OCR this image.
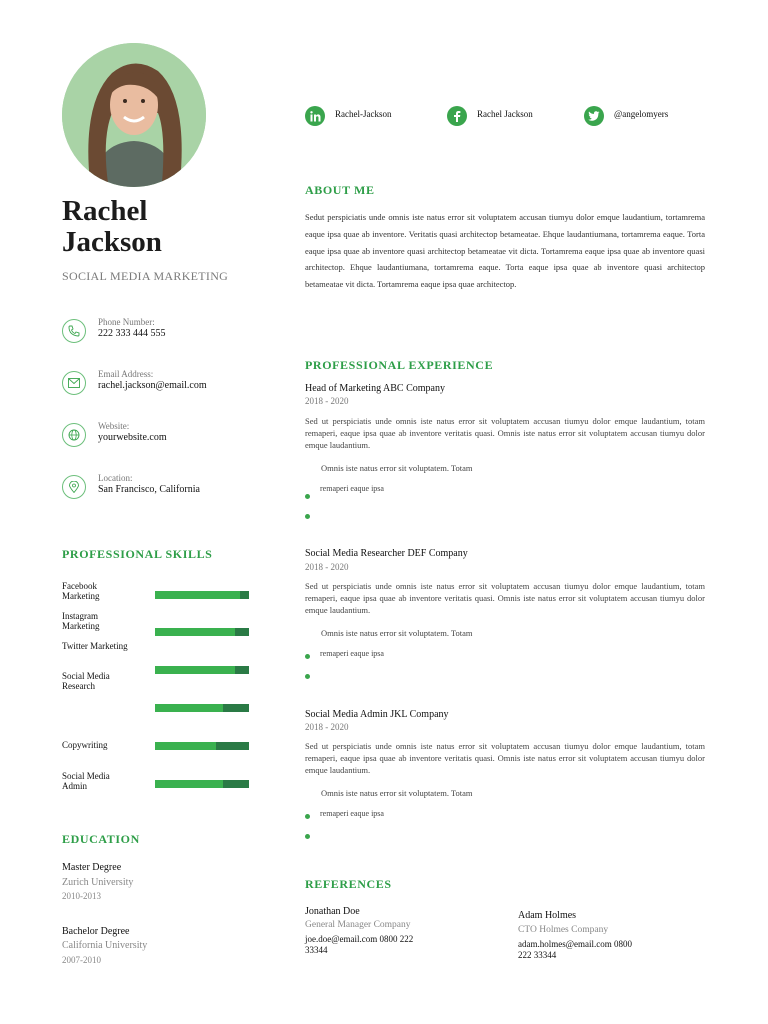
Rachel
Jackson
SOCIAL MEDIA MARKETING
Phone Number:
222 333 444 555
Email Address:
rachel.jackson@email.com
Website:
yourwebsite.com
Location:
San Francisco, California
PROFESSIONAL SKILLS
Facebook Marketing
Instagram Marketing
Twitter Marketing
Social Media Research
Copywriting
Social Media Admin
EDUCATION
Master Degree
Zurich University
2010-2013
Bachelor Degree
California University
2007-2010
Rachel-Jackson	Rachel Jackson	@angelomyers
ABOUT ME
Sedut perspiciatis unde omnis iste natus error sit voluptatem accusan tiumyu dolor emque laudantium, tortamrema eaque ipsa quae ab inventore. Veritatis quasi architectop betameatae. Ehque laudantiumana, tortamrema eaque. Torta eaque ipsa quae ab inventore quasi architectop betameatae vit dicta. Tortamrema eaque ipsa quae ab inventore quasi architectop. Ehque laudantiumana, tortamrema eaque. Torta eaque ipsa quae ab inventore quasi architectop betameatae vit dicta. Tortamrema eaque ipsa quae architectop.
PROFESSIONAL EXPERIENCE
Head of Marketing ABC Company
2018 - 2020
Sed ut perspiciatis unde omnis iste natus error sit voluptatem accusan tiumyu dolor emque laudantium, totam remaperi, eaque ipsa quae ab inventore veritatis quasi. Omnis iste natus error sit voluptatem accusan tiumyu dolor emque laudantium.
Omnis iste natus error sit voluptatem. Totam
remaperi eaque ipsa
Social Media Researcher DEF Company
2018 - 2020
Sed ut perspiciatis unde omnis iste natus error sit voluptatem accusan tiumyu dolor emque laudantium, totam remaperi, eaque ipsa quae ab inventore veritatis quasi. Omnis iste natus error sit voluptatem accusan tiumyu dolor emque laudantium.
Omnis iste natus error sit voluptatem. Totam
remaperi eaque ipsa
Social Media Admin JKL Company
2018 - 2020
Sed ut perspiciatis unde omnis iste natus error sit voluptatem accusan tiumyu dolor emque laudantium, totam remaperi, eaque ipsa quae ab inventore veritatis quasi. Omnis iste natus error sit voluptatem accusan tiumyu dolor emque laudantium.
Omnis iste natus error sit voluptatem. Totam
remaperi eaque ipsa
REFERENCES
Jonathan Doe
General Manager Company
joe.doe@email.com 0800 222 33344
Adam Holmes
CTO Holmes Company
adam.holmes@email.com 0800 222 33344
